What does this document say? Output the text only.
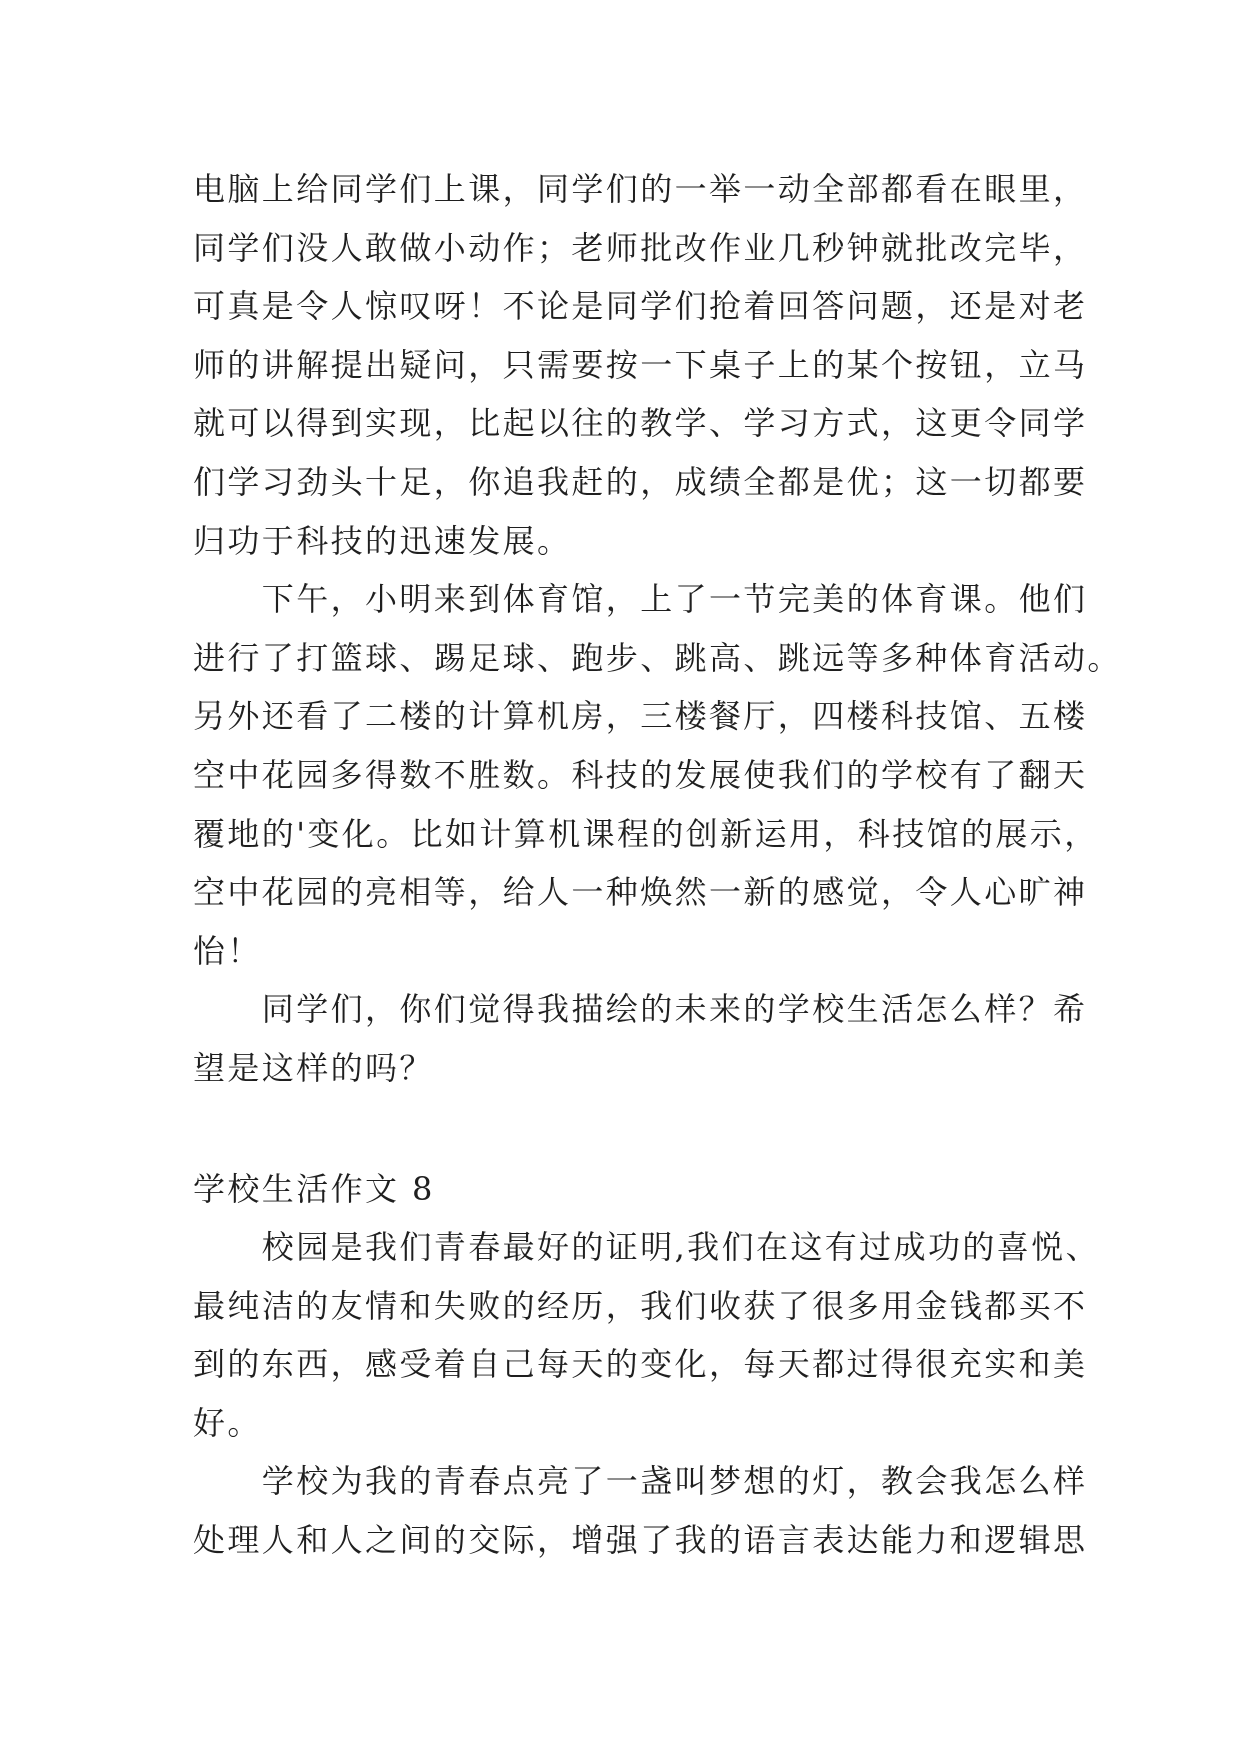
电脑上给同学们上课，同学们的一举一动全部都看在眼里，
同学们没人敢做小动作；老师批改作业几秒钟就批改完毕，
可真是令人惊叹呀！不论是同学们抢着回答问题，还是对老
师的讲解提出疑问，只需要按一下桌子上的某个按钮，立马
就可以得到实现，比起以往的教学、学习方式，这更令同学
们学习劲头十足，你追我赶的，成绩全都是优；这一切都要
归功于科技的迅速发展。
　　下午，小明来到体育馆，上了一节完美的体育课。他们
进行了打篮球、踢足球、跑步、跳高、跳远等多种体育活动。
另外还看了二楼的计算机房，三楼餐厅，四楼科技馆、五楼
空中花园多得数不胜数。科技的发展使我们的学校有了翻天
覆地的'变化。比如计算机课程的创新运用，科技馆的展示，
空中花园的亮相等，给人一种焕然一新的感觉，令人心旷神
怡！
　　同学们，你们觉得我描绘的未来的学校生活怎么样？希
望是这样的吗？
学校生活作文 8
　　校园是我们青春最好的证明,我们在这有过成功的喜悦、
最纯洁的友情和失败的经历，我们收获了很多用金钱都买不
到的东西，感受着自己每天的变化，每天都过得很充实和美
好。
　　学校为我的青春点亮了一盏叫梦想的灯，教会我怎么样
处理人和人之间的交际，增强了我的语言表达能力和逻辑思
